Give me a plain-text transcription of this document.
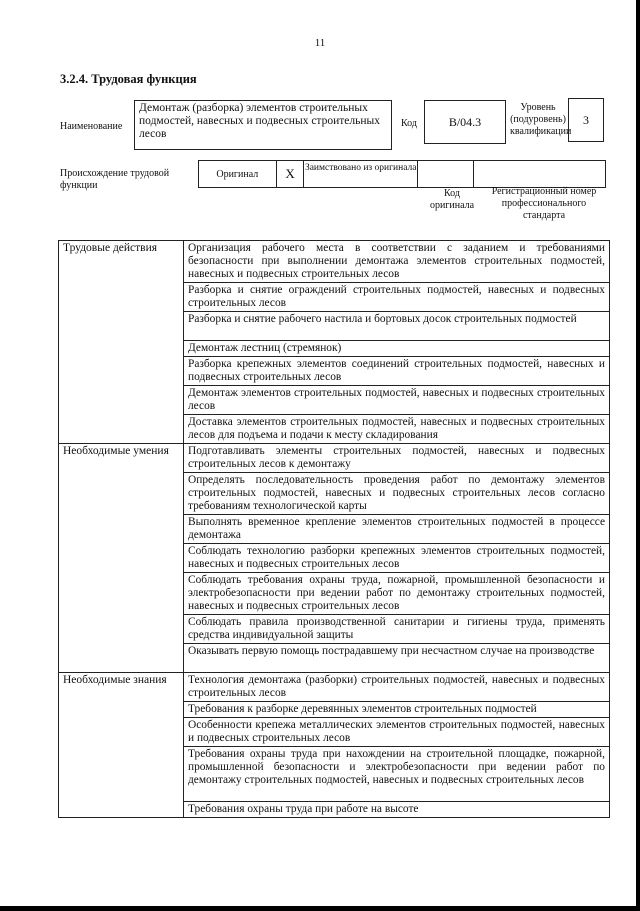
11
3.2.4. Трудовая функция
Наименование
Демонтаж (разборка) элементов строительных подмостей, навесных и подвесных строительных лесов
Код	B/04.3
Уровень (подуровень) квалификации
3
Происхождение трудовой функции
Оригинал	X	Заимствовано из оригинала
Код оригинала
Регистрационный номер профессионального стандарта
Трудовые действия	Организация рабочего места в соответствии с заданием и требованиями безопасности при выполнении демонтажа элементов строительных подмостей, навесных и подвесных строительных лесов
	Разборка и снятие ограждений строительных подмостей, навесных и подвесных строительных лесов
	Разборка и снятие рабочего настила и бортовых досок строительных подмостей
	Демонтаж лестниц (стремянок)
	Разборка крепежных элементов соединений строительных подмостей, навесных и подвесных строительных лесов
	Демонтаж элементов строительных подмостей, навесных и подвесных строительных лесов
	Доставка элементов строительных подмостей, навесных и подвесных строительных лесов для подъема и подачи к месту складирования
Необходимые умения	Подготавливать элементы строительных подмостей, навесных и подвесных строительных лесов к демонтажу
	Определять последовательность проведения работ по демонтажу элементов строительных подмостей, навесных и подвесных строительных лесов согласно требованиям технологической карты
	Выполнять временное крепление элементов строительных подмостей в процессе демонтажа
	Соблюдать технологию разборки крепежных элементов строительных подмостей, навесных и подвесных строительных лесов
	Соблюдать требования охраны труда, пожарной, промышленной безопасности и электробезопасности при ведении работ по демонтажу строительных подмостей, навесных и подвесных строительных лесов
	Соблюдать правила производственной санитарии и гигиены труда, применять средства индивидуальной защиты
	Оказывать первую помощь пострадавшему при несчастном случае на производстве
Необходимые знания	Технология демонтажа (разборки) строительных подмостей, навесных и подвесных строительных лесов
	Требования к разборке деревянных элементов строительных подмостей
	Особенности крепежа металлических элементов строительных подмостей, навесных и подвесных строительных лесов
	Требования охраны труда при нахождении на строительной площадке, пожарной, промышленной безопасности и электробезопасности при ведении работ по демонтажу строительных подмостей, навесных и подвесных строительных лесов
	Требования охраны труда при работе на высоте
